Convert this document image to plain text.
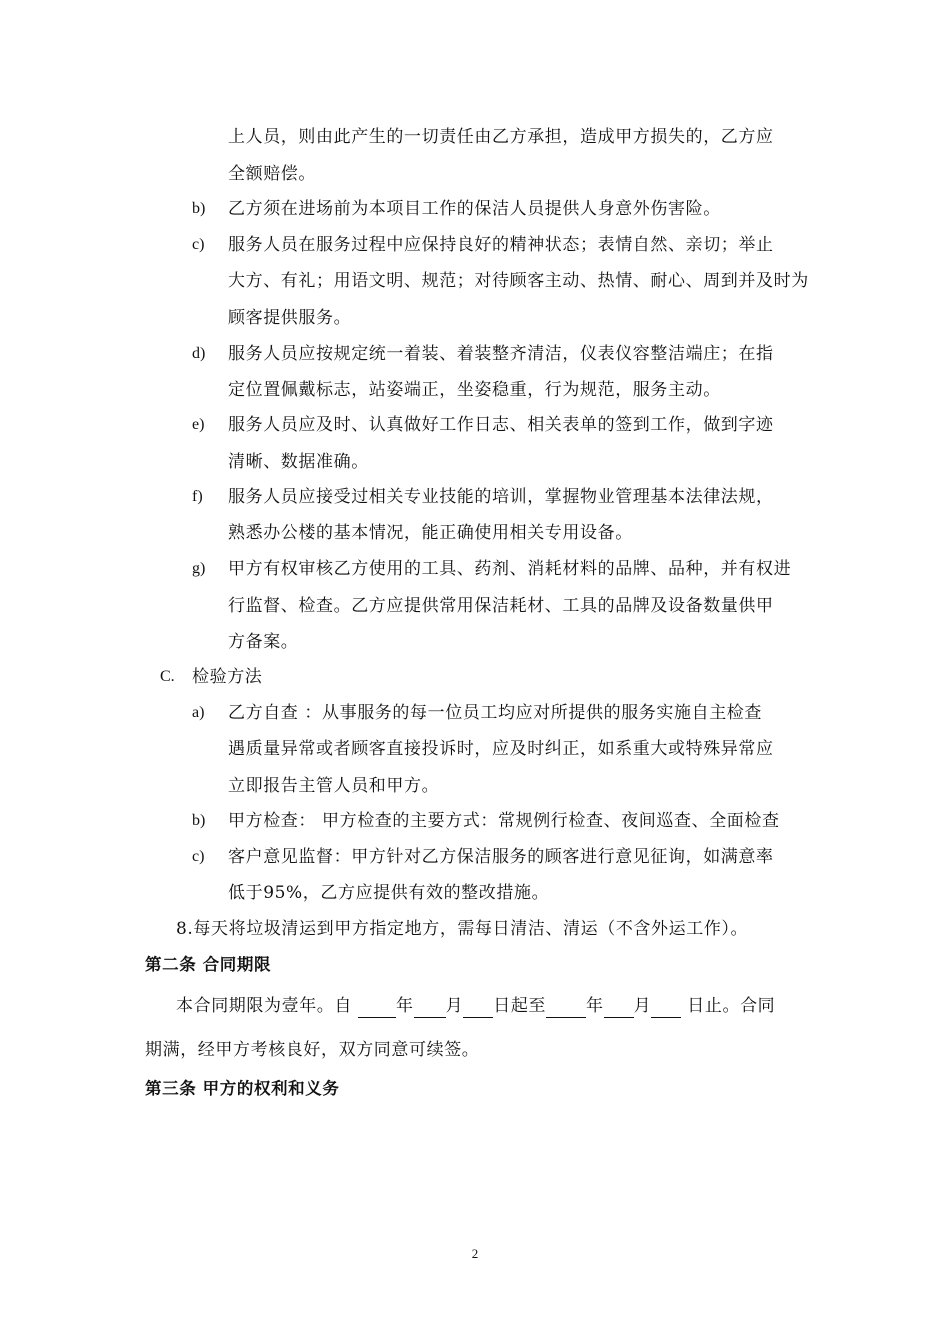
上人员，则由此产生的一切责任由乙方承担，造成甲方损失的，乙方应
全额赔偿。
b) 乙方须在进场前为本项目工作的保洁人员提供人身意外伤害险。
c) 服务人员在服务过程中应保持良好的精神状态；表情自然、亲切；举止
大方、有礼；用语文明、规范；对待顾客主动、热情、耐心、周到并及时为
顾客提供服务。
d) 服务人员应按规定统一着装、着装整齐清洁，仪表仪容整洁端庄；在指
定位置佩戴标志，站姿端正，坐姿稳重，行为规范，服务主动。
e) 服务人员应及时、认真做好工作日志、相关表单的签到工作，做到字迹
清晰、数据准确。
f) 服务人员应接受过相关专业技能的培训，掌握物业管理基本法律法规，
熟悉办公楼的基本情况，能正确使用相关专用设备。
g) 甲方有权审核乙方使用的工具、药剂、消耗材料的品牌、品种，并有权进
行监督、检查。乙方应提供常用保洁耗材、工具的品牌及设备数量供甲
方备案。
C. 检验方法
a) 乙方自查 ：从事服务的每一位员工均应对所提供的服务实施自主检查
遇质量异常或者顾客直接投诉时，应及时纠正，如系重大或特殊异常应
立即报告主管人员和甲方。
b) 甲方检查： 甲方检查的主要方式：常规例行检查、夜间巡查、全面检查
c) 客户意见监督：甲方针对乙方保洁服务的顾客进行意见征询，如满意率
低于95%，乙方应提供有效的整改措施。
8.每天将垃圾清运到甲方指定地方，需每日清洁、清运（不含外运工作）。
第二条 合同期限
本合同期限为壹年。自 年 月 日起至 年 月 日止。合同
期满，经甲方考核良好，双方同意可续签。
第三条 甲方的权利和义务
2
